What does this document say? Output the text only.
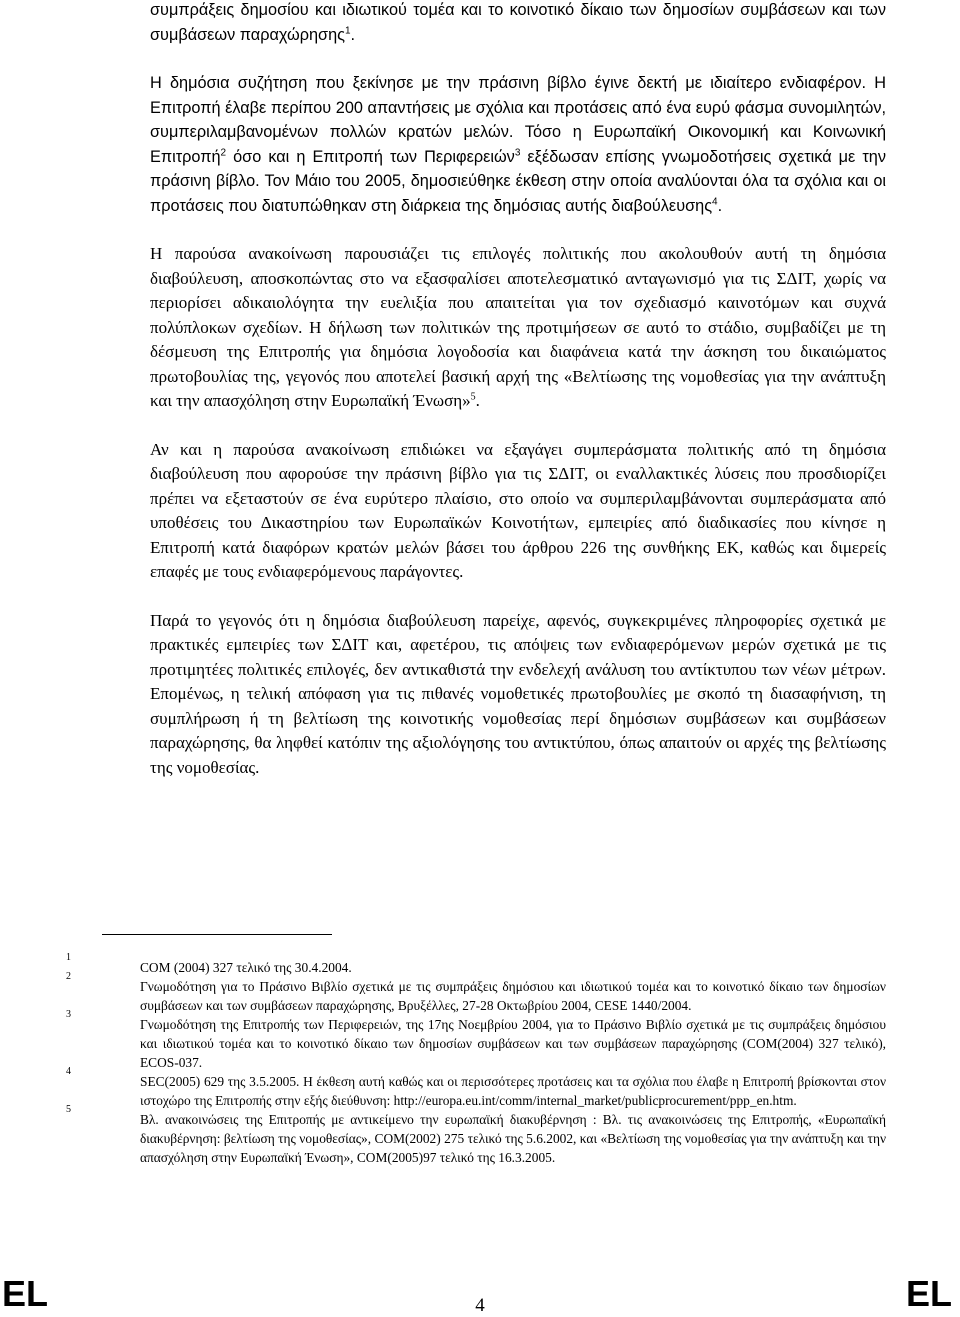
συμπράξεις δημοσίου και ιδιωτικού τομέα και το κοινοτικό δίκαιο των δημοσίων συμβάσεων και των συμβάσεων παραχώρησης$^1$.

Η δημόσια συζήτηση που ξεκίνησε με την πράσινη βίβλο έγινε δεκτή με ιδιαίτερο ενδιαφέρον. Η Επιτροπή έλαβε περίπου 200 απαντήσεις με σχόλια και προτάσεις από ένα ευρύ φάσμα συνομιλητών, συμπεριλαμβανομένων πολλών κρατών μελών. Τόσο η Ευρωπαϊκή Οικονομική και Κοινωνική Επιτροπή$^2$ όσο και η Επιτροπή των Περιφερειών$^3$ εξέδωσαν επίσης γνωμοδοτήσεις σχετικά με την πράσινη βίβλο. Τον Μάιο του 2005, δημοσιεύθηκε έκθεση στην οποία αναλύονται όλα τα σχόλια και οι προτάσεις που διατυπώθηκαν στη διάρκεια της δημόσιας αυτής διαβούλευσης$^4$.

Η παρούσα ανακοίνωση παρουσιάζει τις επιλογές πολιτικής που ακολουθούν αυτή τη δημόσια διαβούλευση, αποσκοπώντας στο να εξασφαλίσει αποτελεσματικό ανταγωνισμό για τις ΣΔΙΤ, χωρίς να περιορίσει αδικαιολόγητα την ευελιξία που απαιτείται για τον σχεδιασμό καινοτόμων και συχνά πολύπλοκων σχεδίων. Η δήλωση των πολιτικών της προτιμήσεων σε αυτό το στάδιο, συμβαδίζει με τη δέσμευση της Επιτροπής για δημόσια λογοδοσία και διαφάνεια κατά την άσκηση του δικαιώματος πρωτοβουλίας της, γεγονός που αποτελεί βασική αρχή της «Βελτίωσης της νομοθεσίας για την ανάπτυξη και την απασχόληση στην Ευρωπαϊκή Ένωση»$^5$.

Αν και η παρούσα ανακοίνωση επιδιώκει να εξαγάγει συμπεράσματα πολιτικής από τη δημόσια διαβούλευση που αφορούσε την πράσινη βίβλο για τις ΣΔΙΤ, οι εναλλακτικές λύσεις που προσδιορίζει πρέπει να εξεταστούν σε ένα ευρύτερο πλαίσιο, στο οποίο να συμπεριλαμβάνονται συμπεράσματα από υποθέσεις του Δικαστηρίου των Ευρωπαϊκών Κοινοτήτων, εμπειρίες από διαδικασίες που κίνησε η Επιτροπή κατά διαφόρων κρατών μελών βάσει του άρθρου 226 της συνθήκης ΕΚ, καθώς και διμερείς επαφές με τους ενδιαφερόμενους παράγοντες.

Παρά το γεγονός ότι η δημόσια διαβούλευση παρείχε, αφενός, συγκεκριμένες πληροφορίες σχετικά με πρακτικές εμπειρίες των ΣΔΙΤ και, αφετέρου, τις απόψεις των ενδιαφερόμενων μερών σχετικά με τις προτιμητέες πολιτικές επιλογές, δεν αντικαθιστά την ενδελεχή ανάλυση του αντίκτυπου των νέων μέτρων. Επομένως, η τελική απόφαση για τις πιθανές νομοθετικές πρωτοβουλίες με σκοπό τη διασαφήνιση, τη συμπλήρωση ή τη βελτίωση της κοινοτικής νομοθεσίας περί δημόσιων συμβάσεων και συμβάσεων παραχώρησης, θα ληφθεί κατόπιν της αξιολόγησης του αντικτύπου, όπως απαιτούν οι αρχές της βελτίωσης της νομοθεσίας.

1
COM (2004) 327 τελικό της 30.4.2004.
2
Γνωμοδότηση για το Πράσινο Βιβλίο σχετικά με τις συμπράξεις δημόσιου και ιδιωτικού τομέα και το κοινοτικό δίκαιο των δημοσίων συμβάσεων και των συμβάσεων παραχώρησης, Βρυξέλλες, 27-28 Οκτωβρίου 2004, CESE 1440/2004.
3
Γνωμοδότηση της Επιτροπής των Περιφερειών, της 17ης Νοεμβρίου 2004, για το Πράσινο Βιβλίο σχετικά με τις συμπράξεις δημόσιου και ιδιωτικού τομέα και το κοινοτικό δίκαιο των δημοσίων συμβάσεων και των συμβάσεων παραχώρησης (COM(2004) 327 τελικό), ECOS-037.
4
SEC(2005) 629 της 3.5.2005. Η έκθεση αυτή καθώς και οι περισσότερες προτάσεις και τα σχόλια που έλαβε η Επιτροπή βρίσκονται στον ιστοχώρο της Επιτροπής στην εξής διεύθυνση: http://europa.eu.int/comm/internal_market/publicprocurement/ppp_en.htm.
5
Βλ. ανακοινώσεις της Επιτροπής με αντικείμενο την ευρωπαϊκή διακυβέρνηση : Βλ. τις ανακοινώσεις της Επιτροπής, «Ευρωπαϊκή διακυβέρνηση: βελτίωση της νομοθεσίας», COM(2002) 275 τελικό της 5.6.2002, και «Βελτίωση της νομοθεσίας για την ανάπτυξη και την απασχόληση στην Ευρωπαϊκή Ένωση», COM(2005)97 τελικό της 16.3.2005.
EL	4	EL
